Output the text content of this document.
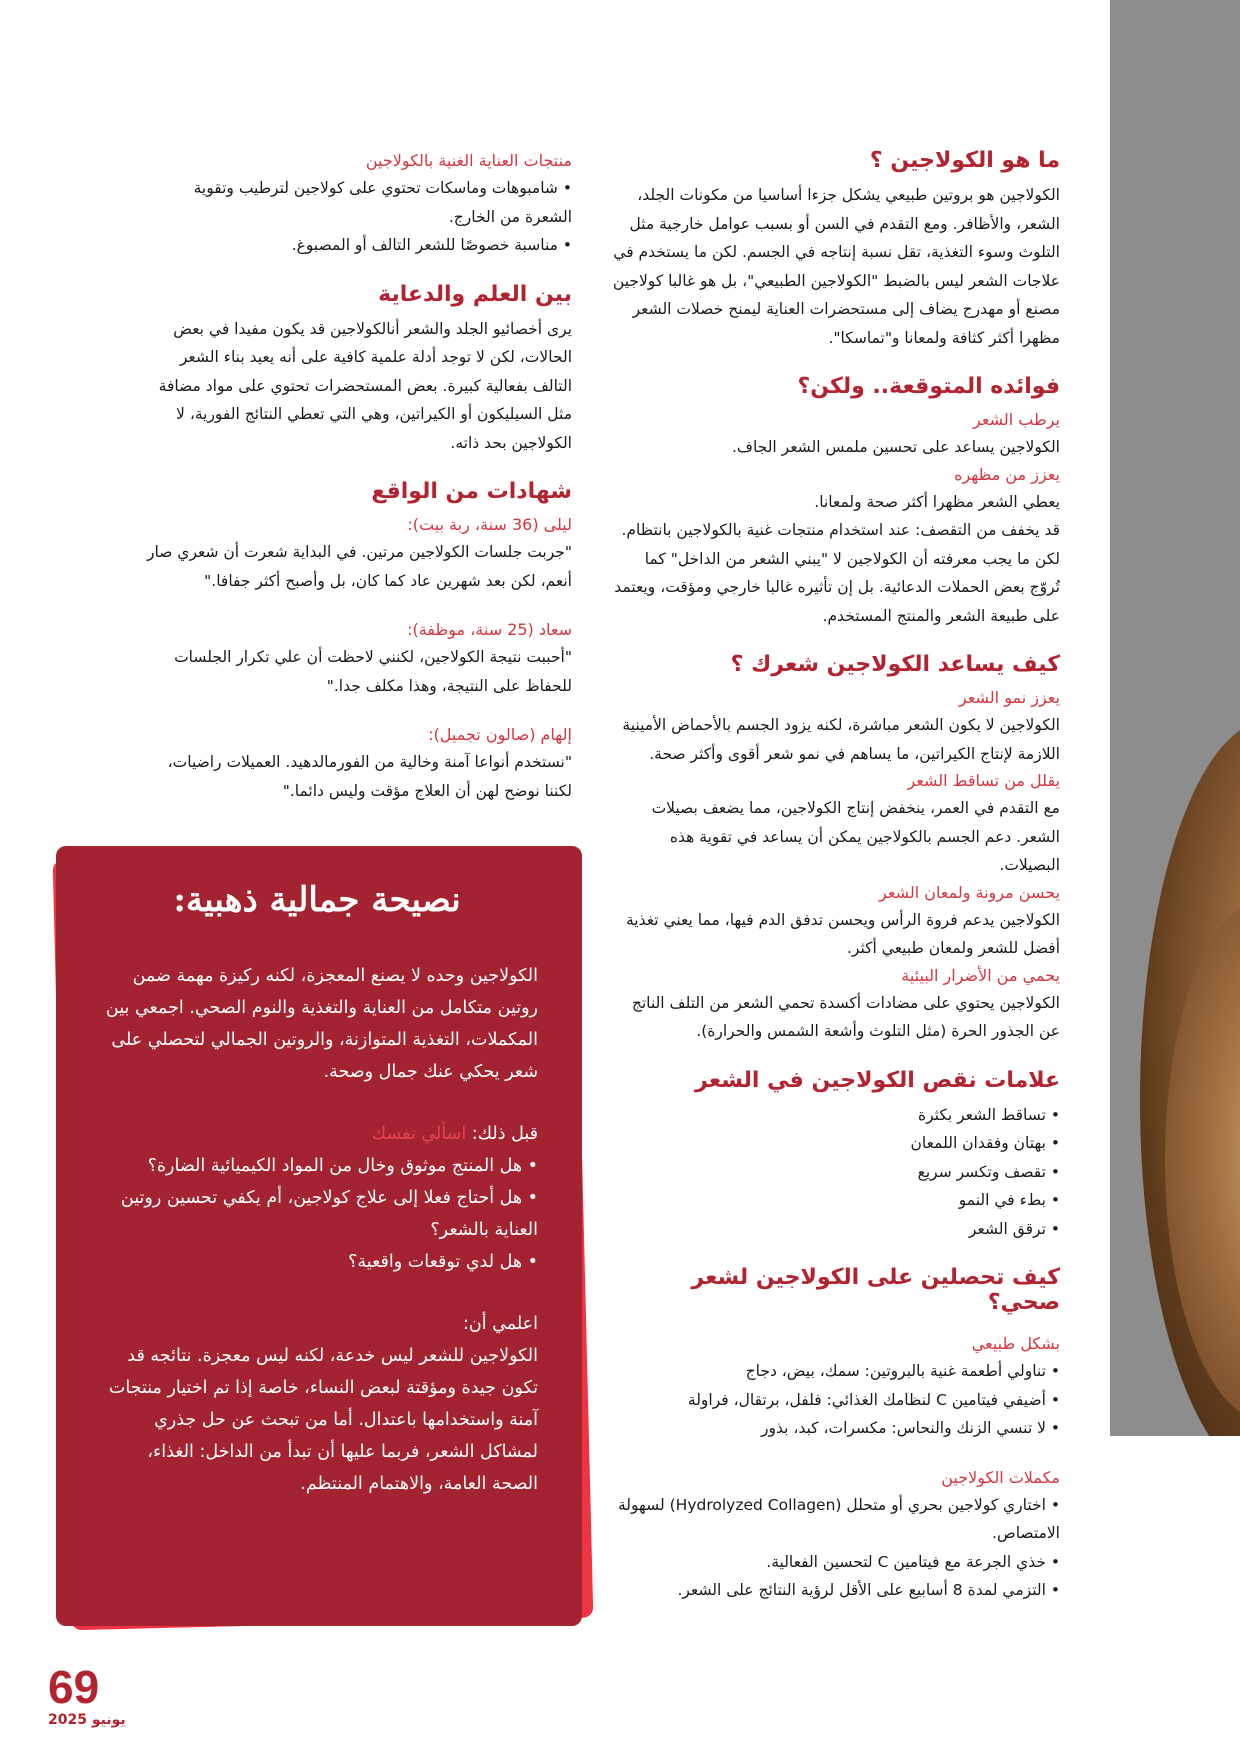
ما هو الكولاجين ؟

الكولاجين هو بروتين طبيعي يشكل جزءا أساسيا من مكونات الجلد، الشعر، والأظافر. ومع التقدم في السن أو بسبب عوامل خارجية مثل التلوث وسوء التغذية، تقل نسبة إنتاجه في الجسم. لكن ما يستخدم في علاجات الشعر ليس بالضبط "الكولاجين الطبيعي"، بل هو غالبا كولاجين مصنع أو مهدرج يضاف إلى مستحضرات العناية ليمنح خصلات الشعر مظهرا أكثر كثافة ولمعانا و"تماسكا".

فوائده المتوقعة.. ولكن؟
يرطب الشعر

الكولاجين يساعد على تحسين ملمس الشعر الجاف.

يعزز من مظهره

يعطي الشعر مظهرا أكثر صحة ولمعانا.

قد يخفف من التقصف: عند استخدام منتجات غنية بالكولاجين بانتظام.

لكن ما يجب معرفته أن الكولاجين لا "يبني الشعر من الداخل" كما تُروّج بعض الحملات الدعائية. بل إن تأثيره غالبا خارجي ومؤقت، ويعتمد على طبيعة الشعر والمنتج المستخدم.

كيف يساعد الكولاجين شعرك ؟
يعزز نمو الشعر

الكولاجين لا يكون الشعر مباشرة، لكنه يزود الجسم بالأحماض الأمينية اللازمة لإنتاج الكيراتين، ما يساهم في نمو شعر أقوى وأكثر صحة.

يقلل من تساقط الشعر

مع التقدم في العمر، ينخفض إنتاج الكولاجين، مما يضعف بصيلات الشعر. دعم الجسم بالكولاجين يمكن أن يساعد في تقوية هذه البصيلات.

يحسن مرونة ولمعان الشعر

الكولاجين يدعم فروة الرأس ويحسن تدفق الدم فيها، مما يعني تغذية أفضل للشعر ولمعان طبيعي أكثر.

يحمي من الأضرار البيئية

الكولاجين يحتوي على مضادات أكسدة تحمي الشعر من التلف الناتج عن الجذور الحرة (مثل التلوث وأشعة الشمس والحرارة).

علامات نقص الكولاجين في الشعر
• تساقط الشعر بكثرة
• بهتان وفقدان اللمعان
• تقصف وتكسر سريع
• بطء في النمو
• ترقق الشعر
كيف تحصلين على الكولاجين لشعر صحي؟
بشكل طبيعي
• تناولي أطعمة غنية بالبروتين: سمك، بيض، دجاج
• أضيفي فيتامين C لنظامك الغذائي: فلفل، برتقال، فراولة
• لا تنسي الزنك والنحاس: مكسرات، كبد، بذور
مكملات الكولاجين
• اختاري كولاجين بحري أو متحلل (Hydrolyzed Collagen) لسهولة الامتصاص.
• خذي الجرعة مع فيتامين C لتحسين الفعالية.
• التزمي لمدة 8 أسابيع على الأقل لرؤية النتائج على الشعر.
منتجات العناية الغنية بالكولاجين
• شامبوهات وماسكات تحتوي على كولاجين لترطيب وتقوية الشعرة من الخارج.
• مناسبة خصوصًا للشعر التالف أو المصبوغ.
بين العلم والدعاية

يرى أخصائيو الجلد والشعر أنالكولاجين قد يكون مفيدا في بعض الحالات، لكن لا توجد أدلة علمية كافية على أنه يعيد بناء الشعر التالف بفعالية كبيرة. بعض المستحضرات تحتوي على مواد مضافة مثل السيليكون أو الكيراتين، وهي التي تعطي النتائج الفورية، لا الكولاجين بحد ذاته.

شهادات من الواقع
ليلى (36 سنة، ربة بيت):

"جربت جلسات الكولاجين مرتين. في البداية شعرت أن شعري صار أنعم، لكن بعد شهرين عاد كما كان، بل وأصبح أكثر جفافا."

سعاد (25 سنة، موظفة):

"أحببت نتيجة الكولاجين، لكنني لاحظت أن علي تكرار الجلسات للحفاظ على النتيجة، وهذا مكلف جدا."

إلهام (صالون تجميل):

"نستخدم أنواعا آمنة وخالية من الفورمالدهيد. العميلات راضيات، لكننا نوضح لهن أن العلاج مؤقت وليس دائما."

نصيحة جمالية ذهبية:

الكولاجين وحده لا يصنع المعجزة، لكنه ركيزة مهمة ضمن روتين متكامل من العناية والتغذية والنوم الصحي. اجمعي بين المكملات، التغذية المتوازنة، والروتين الجمالي لتحصلي على شعر يحكي عنك جمال وصحة.

قبل ذلك: اسألي نفسك

• هل المنتج موثوق وخال من المواد الكيميائية الضارة؟
• هل أحتاج فعلا إلى علاج كولاجين، أم يكفي تحسين روتين العناية بالشعر؟
• هل لدي توقعات واقعية؟

اعلمي أن:

الكولاجين للشعر ليس خدعة، لكنه ليس معجزة. نتائجه قد تكون جيدة ومؤقتة لبعض النساء، خاصة إذا تم اختيار منتجات آمنة واستخدامها باعتدال. أما من تبحث عن حل جذري لمشاكل الشعر، فربما عليها أن تبدأ من الداخل: الغذاء، الصحة العامة، والاهتمام المنتظم.

69
يونيو 2025
